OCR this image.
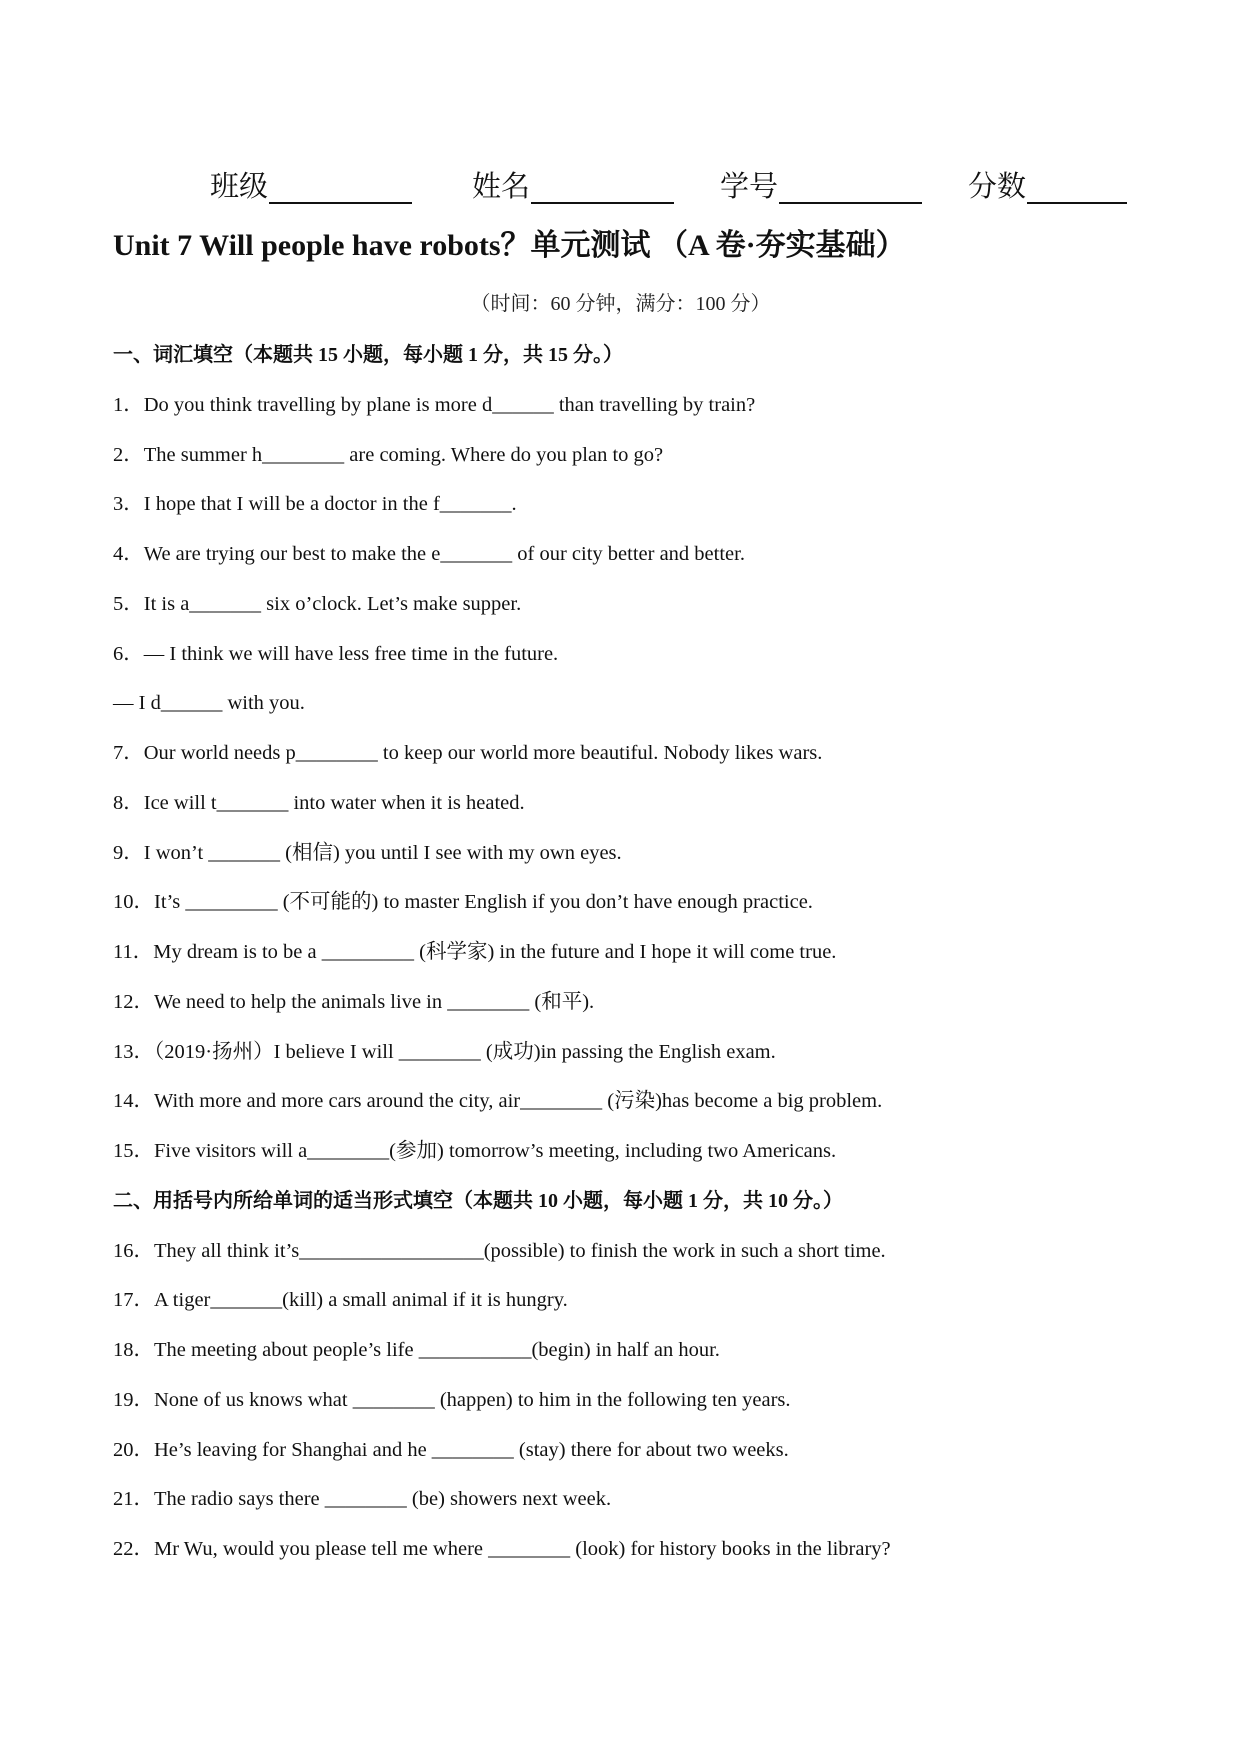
班级	姓名	学号	分数
Unit 7 Will people have robots？单元测试 （A 卷·夯实基础）
（时间：60 分钟，满分：100 分）
一、词汇填空（本题共 15 小题，每小题 1 分，共 15 分。）
1．Do you think travelling by plane is more d______ than travelling by train?
2．The summer h________ are coming. Where do you plan to go?
3．I hope that I will be a doctor in the f_______.
4．We are trying our best to make the e_______ of our city better and better.
5．It is a_______ six o’clock. Let’s make supper.
6．— I think we will have less free time in the future.
— I d______ with you.
7．Our world needs p________ to keep our world more beautiful. Nobody likes wars.
8．Ice will t_______ into water when it is heated.
9．I won’t _______ (相信) you until I see with my own eyes.
10．It’s _________ (不可能的) to master English if you don’t have enough practice.
11．My dream is to be a _________ (科学家) in the future and I hope it will come true.
12．We need to help the animals live in ________ (和平).
13．（2019·扬州）I believe I will ________ (成功)in passing the English exam.
14．With more and more cars around the city, air________ (污染)has become a big problem.
15．Five visitors will a________(参加) tomorrow’s meeting, including two Americans.
二、用括号内所给单词的适当形式填空（本题共 10 小题，每小题 1 分，共 10 分。）
16．They all think it’s__________________(possible) to finish the work in such a short time.
17．A tiger_______(kill) a small animal if it is hungry.
18．The meeting about people’s life ___________(begin) in half an hour.
19．None of us knows what ________ (happen) to him in the following ten years.
20．He’s leaving for Shanghai and he ________ (stay) there for about two weeks.
21．The radio says there ________ (be) showers next week.
22．Mr Wu, would you please tell me where ________ (look) for history books in the library?
